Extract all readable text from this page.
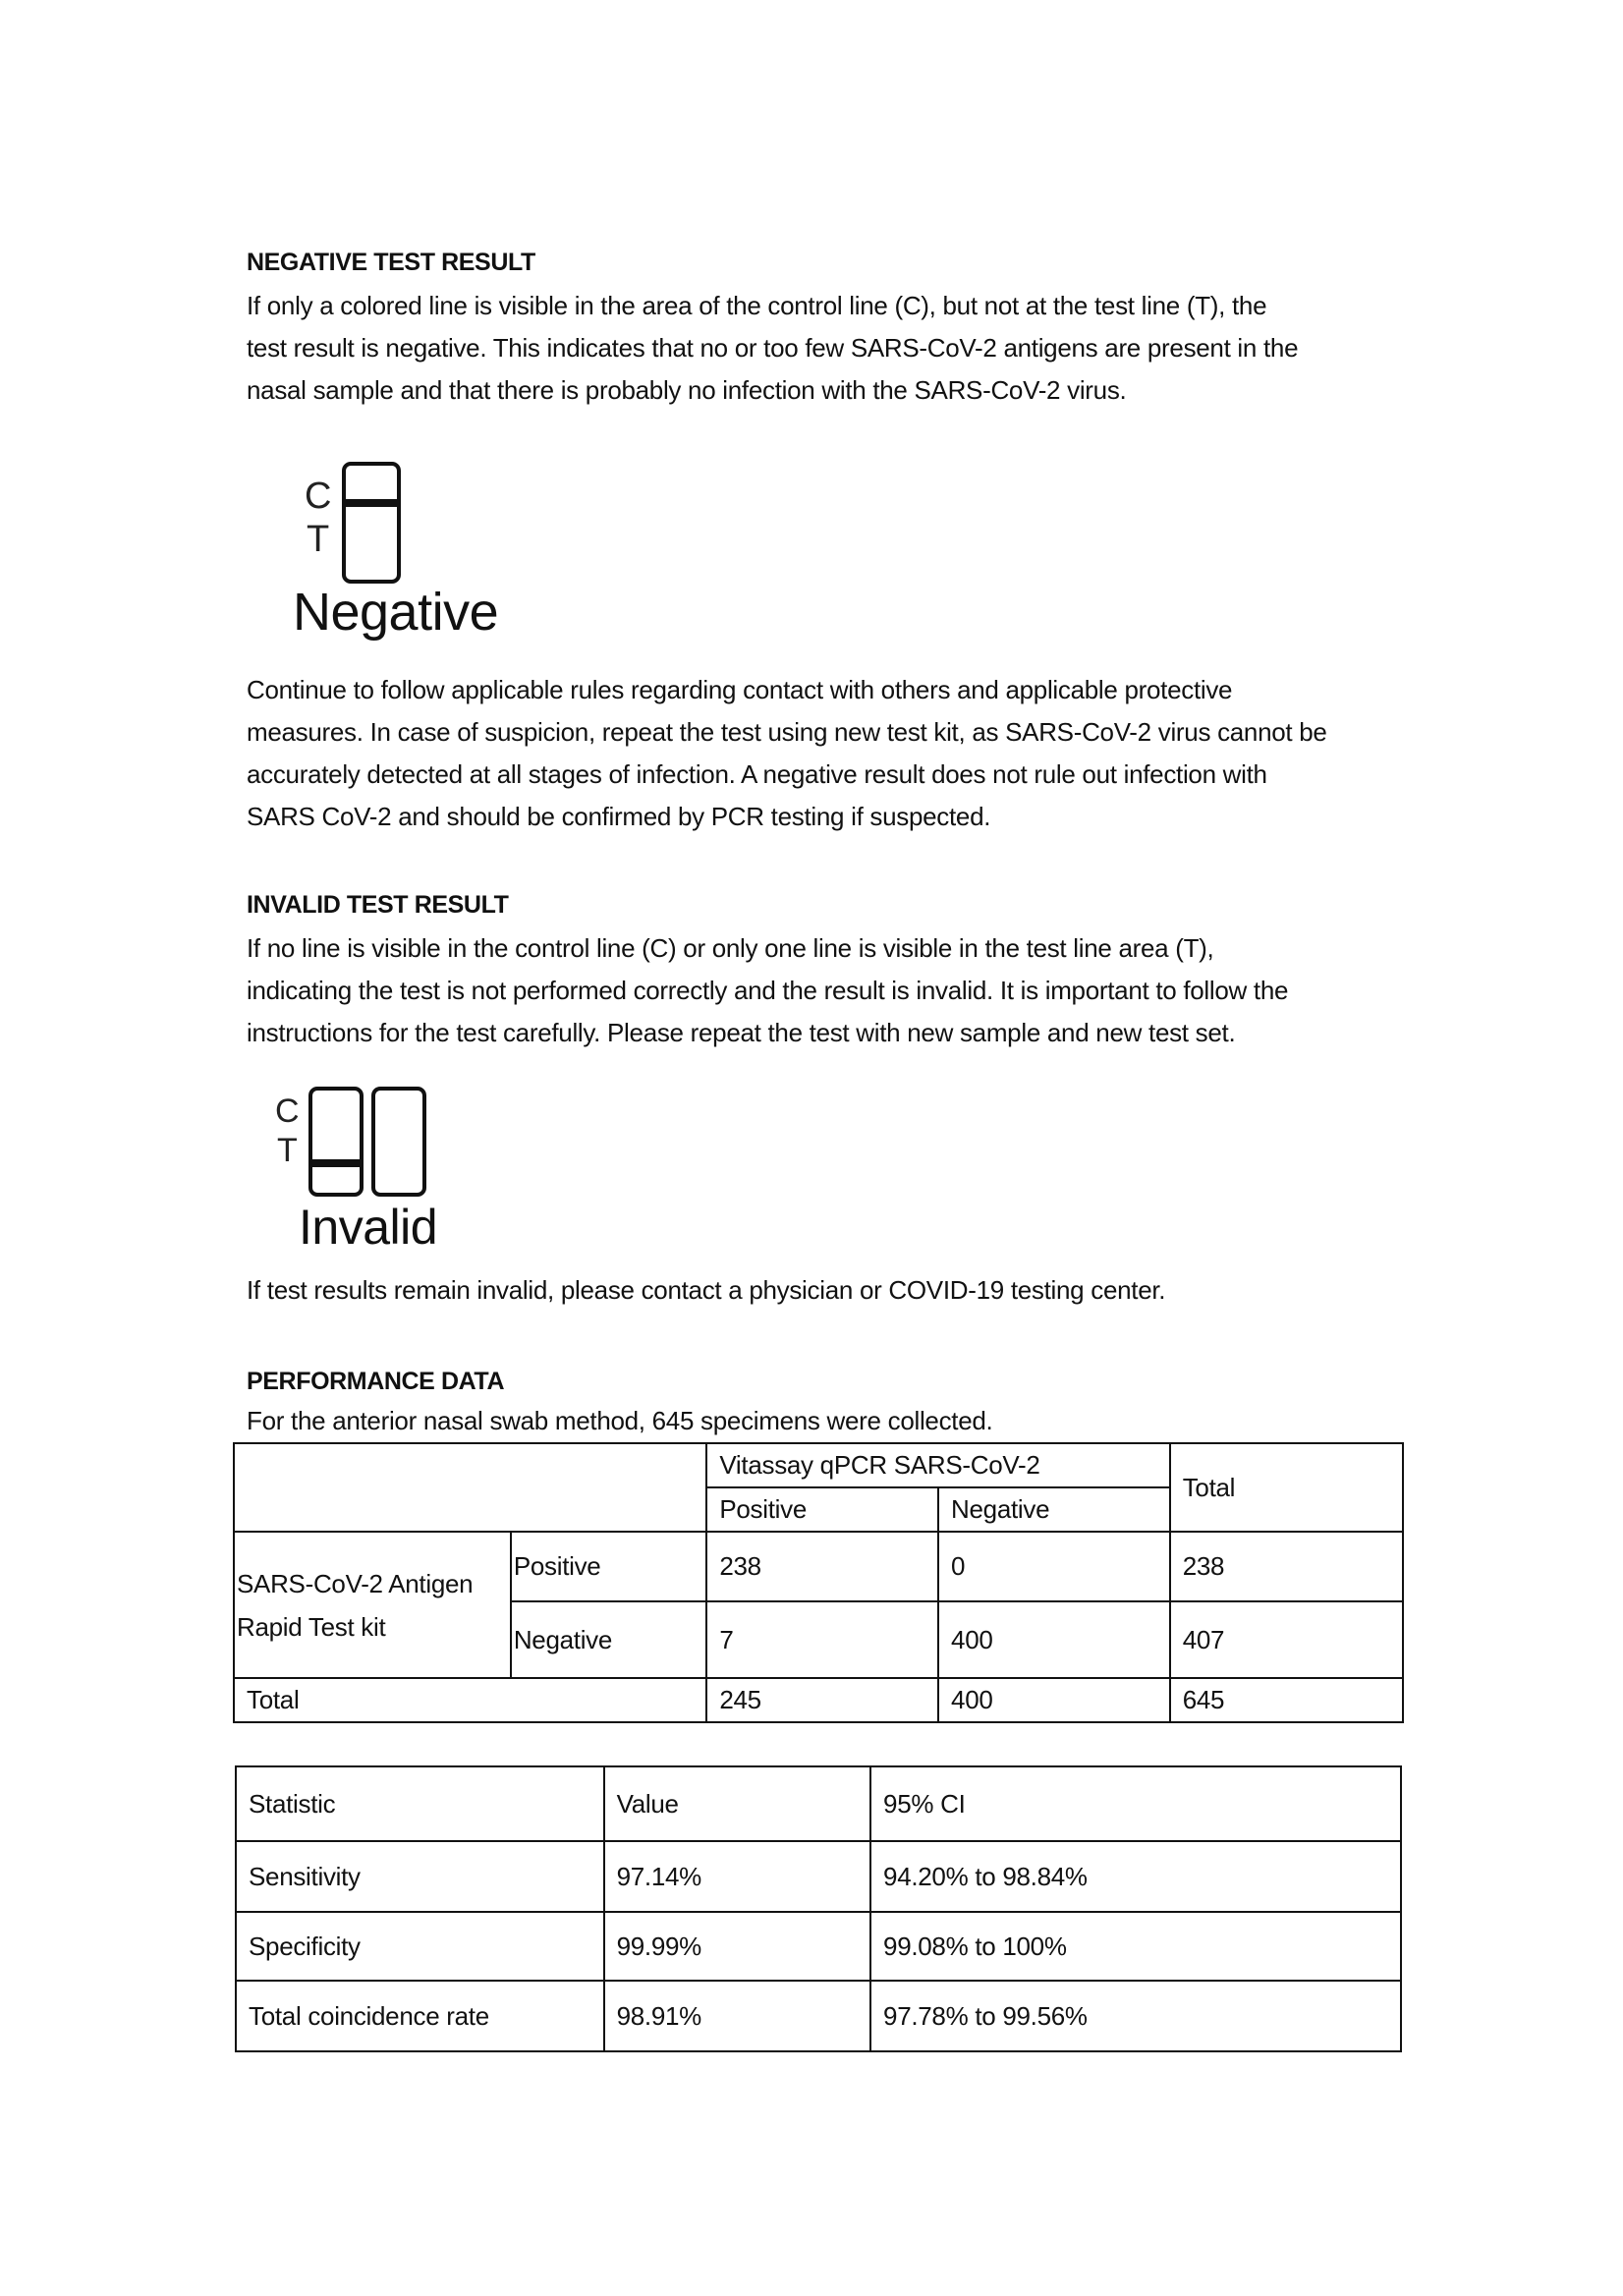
NEGATIVE TEST RESULT
If only a colored line is visible in the area of the control line (C), but not at the test line (T), the
test result is negative. This indicates that no or too few SARS-CoV-2 antigens are present in the
nasal sample and that there is probably no infection with the SARS-CoV-2 virus.
C
T
Negative
Continue to follow applicable rules regarding contact with others and applicable protective
measures. In case of suspicion, repeat the test using new test kit, as SARS-CoV-2 virus cannot be
accurately detected at all stages of infection. A negative result does not rule out infection with
SARS CoV-2 and should be confirmed by PCR testing if suspected.
INVALID TEST RESULT
If no line is visible in the control line (C) or only one line is visible in the test line area (T),
indicating the test is not performed correctly and the result is invalid. It is important to follow the
instructions for the test carefully. Please repeat the test with new sample and new test set.
C
T
Invalid
If test results remain invalid, please contact a physician or COVID-19 testing center.
PERFORMANCE DATA
For the anterior nasal swab method, 645 specimens were collected.
		Vitassay qPCR SARS-CoV-2		Total
		Positive	Negative	

SARS-CoV-2 Antigen
Rapid Test kit	Positive	238	0	238
	Negative	7	400	407
Total		245	400	645
Statistic	Value	95% CI
Sensitivity	97.14%	94.20% to 98.84%
Specificity	99.99%	99.08% to 100%
Total coincidence rate	98.91%	97.78% to 99.56%
